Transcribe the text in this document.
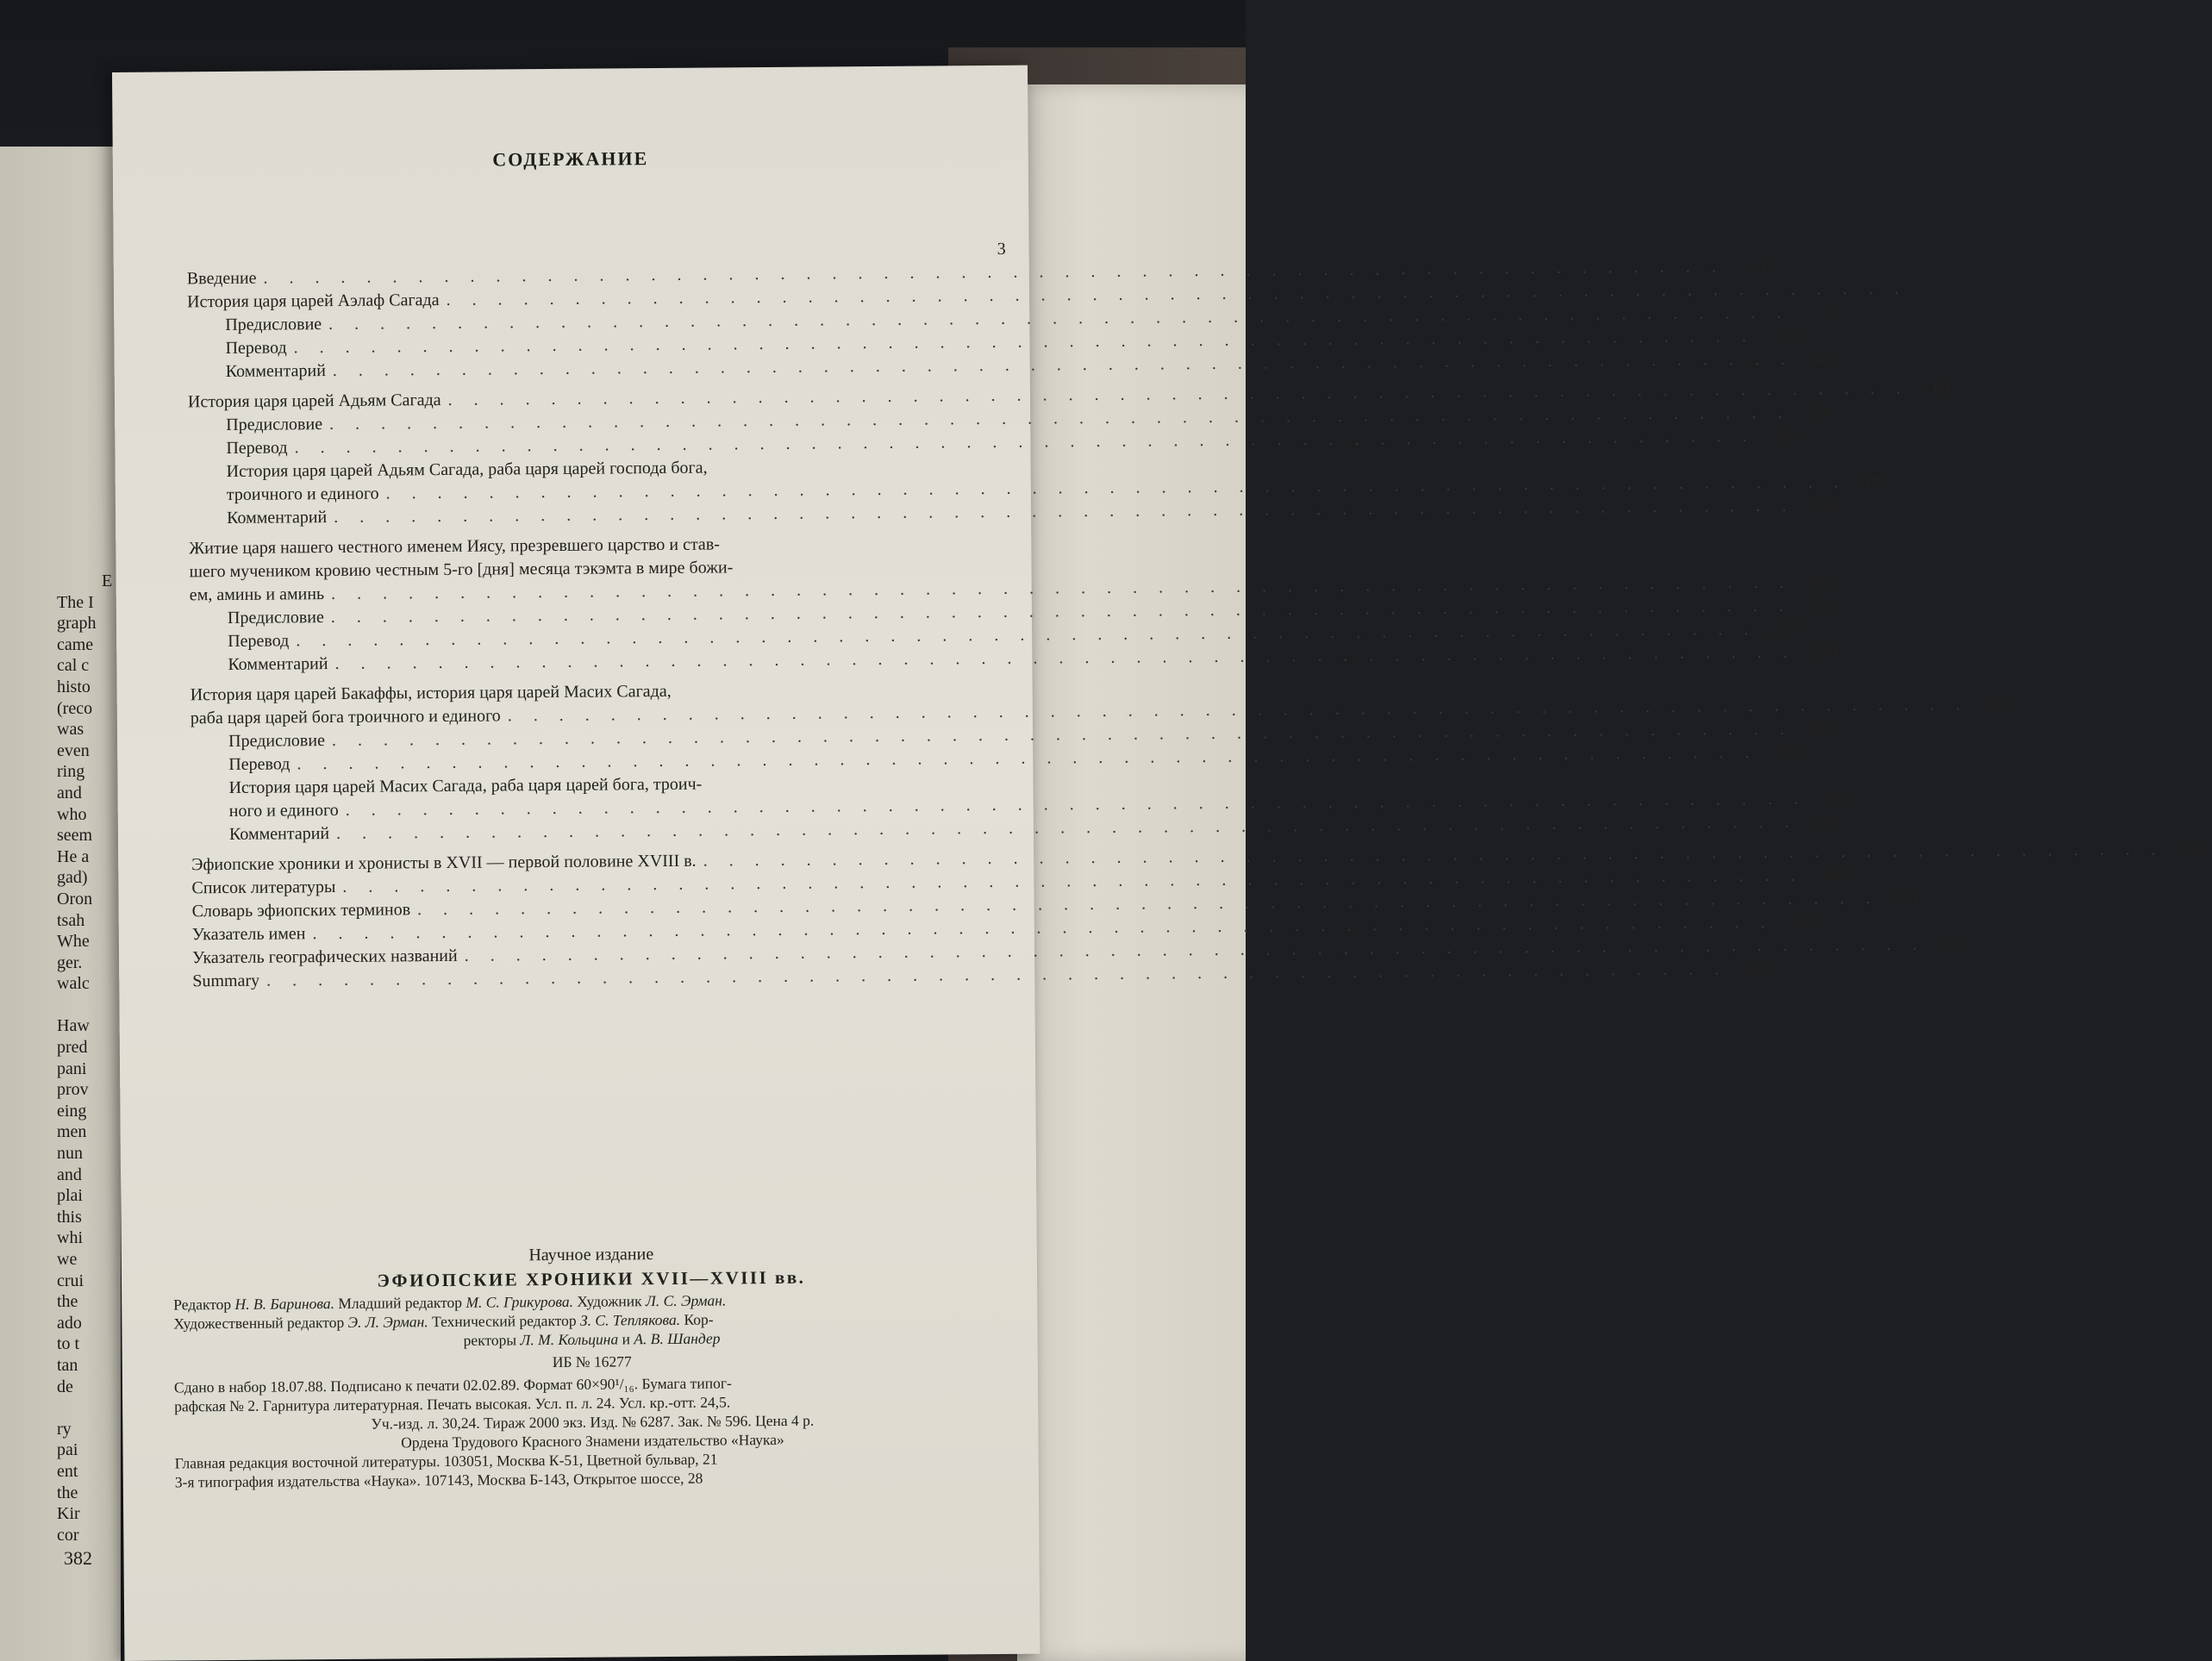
E
The I
graph
came
cal c
histo
(reco
was
even
ring
and
who
seem
He a
gad)
Oron
tsah
Whe
ger.
walc
Haw
pred
pani
prov
eing
men
nun
and
plai
this
whi
we
crui
the
ado
to t
tan
de
ry
pai
ent
the
Kir
cor
382
СОДЕРЖАНИЕ
3
Введение
. . .
4
История царя царей Аэлаф Сагада
. . .
Предисловие
. . .
4
Перевод
. . .
6
Комментарий
. . .
46
История царя царей Адьям Сагада
. . .
64
Предисловие
. . .
64
Перевод
. . .
66
История царя царей Адьям Сагада, раба царя царей господа бога,
троичного и единого
. . .
197
Комментарий
. . .
226
Житие царя нашего честного именем Иясу, презревшего царство и став-
шего мучеником кровию честным 5-го [дня] месяца тэкэмта в мире божи-
ем, аминь и аминь
. . .
255
Предисловие
. . .
255
Перевод
. . .
257
Комментарий
. . .
279
История царя царей Бакаффы, история царя царей Масих Сагада,
раба царя царей бога троичного и единого
. . .
283
Предисловие
. . .
283
Перевод
. . .
286
История царя царей Масих Сагада, раба царя царей бога, троич-
ного и единого
. . .
302
Комментарий
. . .
327
Эфиопские хроники и хронисты в XVII — первой половине XVIII в.
. . .
338
Список литературы
. . .
348
Словарь эфиопских терминов
. . .
351
Указатель имен
. . .
357
Указатель географических названий
. . .
369
Summary
. . .
382
Научное издание
ЭФИОПСКИЕ ХРОНИКИ XVII—XVIII вв.
Редактор Н. В. Баринова. Младший редактор М. С. Грикурова. Художник Л. С. Эрман.
Художественный редактор Э. Л. Эрман. Технический редактор З. С. Теплякова. Кор-
ректоры Л. М. Кольцина и А. В. Шандер
ИБ № 16277
Сдано в набор 18.07.88. Подписано к печати 02.02.89. Формат 60×90¹/₁₆. Бумага типог-
рафская № 2. Гарнитура литературная. Печать высокая. Усл. п. л. 24. Усл. кр.-отт. 24,5.
Уч.-изд. л. 30,24. Тираж 2000 экз. Изд. № 6287. Зак. № 596. Цена 4 р.
Ордена Трудового Красного Знамени издательство «Наука»
Главная редакция восточной литературы. 103051, Москва К-51, Цветной бульвар, 21
3-я типография издательства «Наука». 107143, Москва Б-143, Открытое шоссе, 28
